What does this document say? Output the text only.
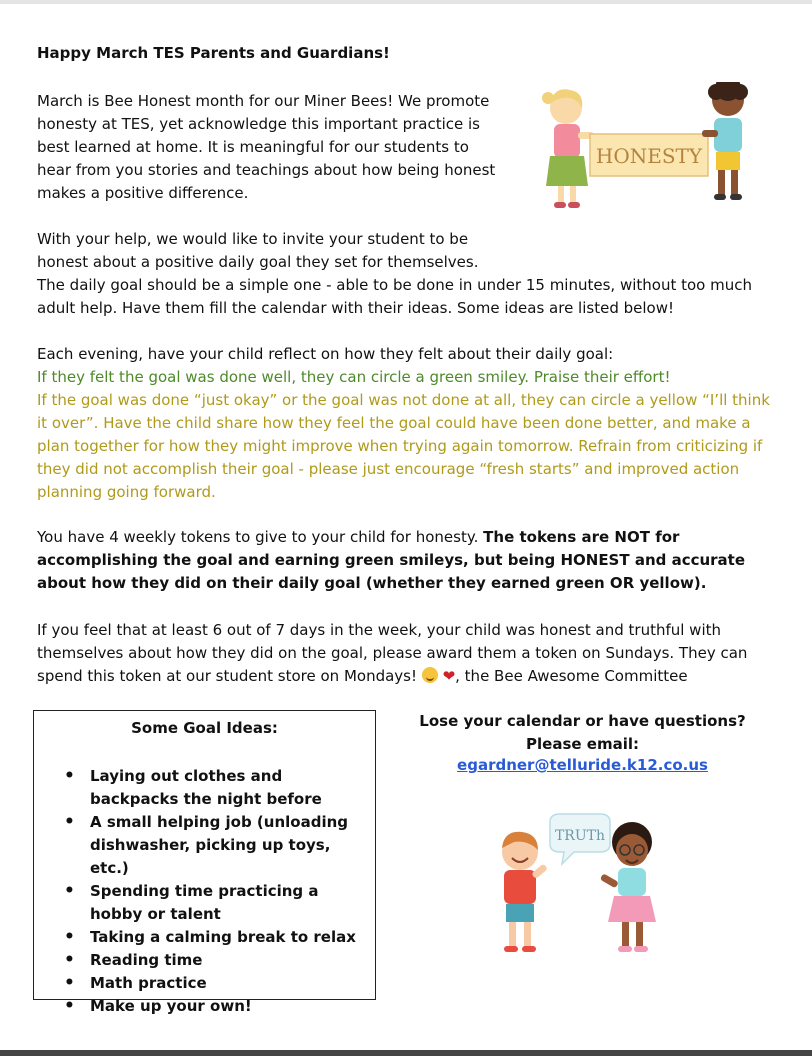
Happy March TES Parents and Guardians!

March is Bee Honest month for our Miner Bees! We promote honesty at TES, yet acknowledge this important practice is best learned at home. It is meaningful for our students to hear from you stories and teachings about how being honest makes a positive difference.

HONESTY

With your help, we would like to invite your student to be honest about a positive daily goal they set for themselves.

The daily goal should be a simple one - able to be done in under 15 minutes, without too much adult help. Have them fill the calendar with their ideas. Some ideas are listed below!

Each evening, have your child reflect on how they felt about their daily goal:
If they felt the goal was done well, they can circle a green smiley. Praise their effort!
If the goal was done “just okay” or the goal was not done at all, they can circle a yellow “I’ll think it over”. Have the child share how they feel the goal could have been done better, and make a plan together for how they might improve when trying again tomorrow. Refrain from criticizing if they did not accomplish their goal - please just encourage “fresh starts” and improved action planning going forward.

You have 4 weekly tokens to give to your child for honesty. The tokens are NOT for accomplishing the goal and earning green smileys, but being HONEST and accurate about how they did on their daily goal (whether they earned green OR yellow).

If you feel that at least 6 out of 7 days in the week, your child was honest and truthful with themselves about how they did on the goal, please award them a token on Sundays. They can spend this token at our student store on Mondays! ❤, the Bee Awesome Committee

Some Goal Ideas:
• Laying out clothes and backpacks the night before
• A small helping job (unloading dishwasher, picking up toys, etc.)
• Spending time practicing a hobby or talent
• Taking a calming break to relax
• Reading time
• Math practice
• Make up your own!
Lose your calendar or have questions?
Please email:
egardner@telluride.k12.co.us
TRUTh
